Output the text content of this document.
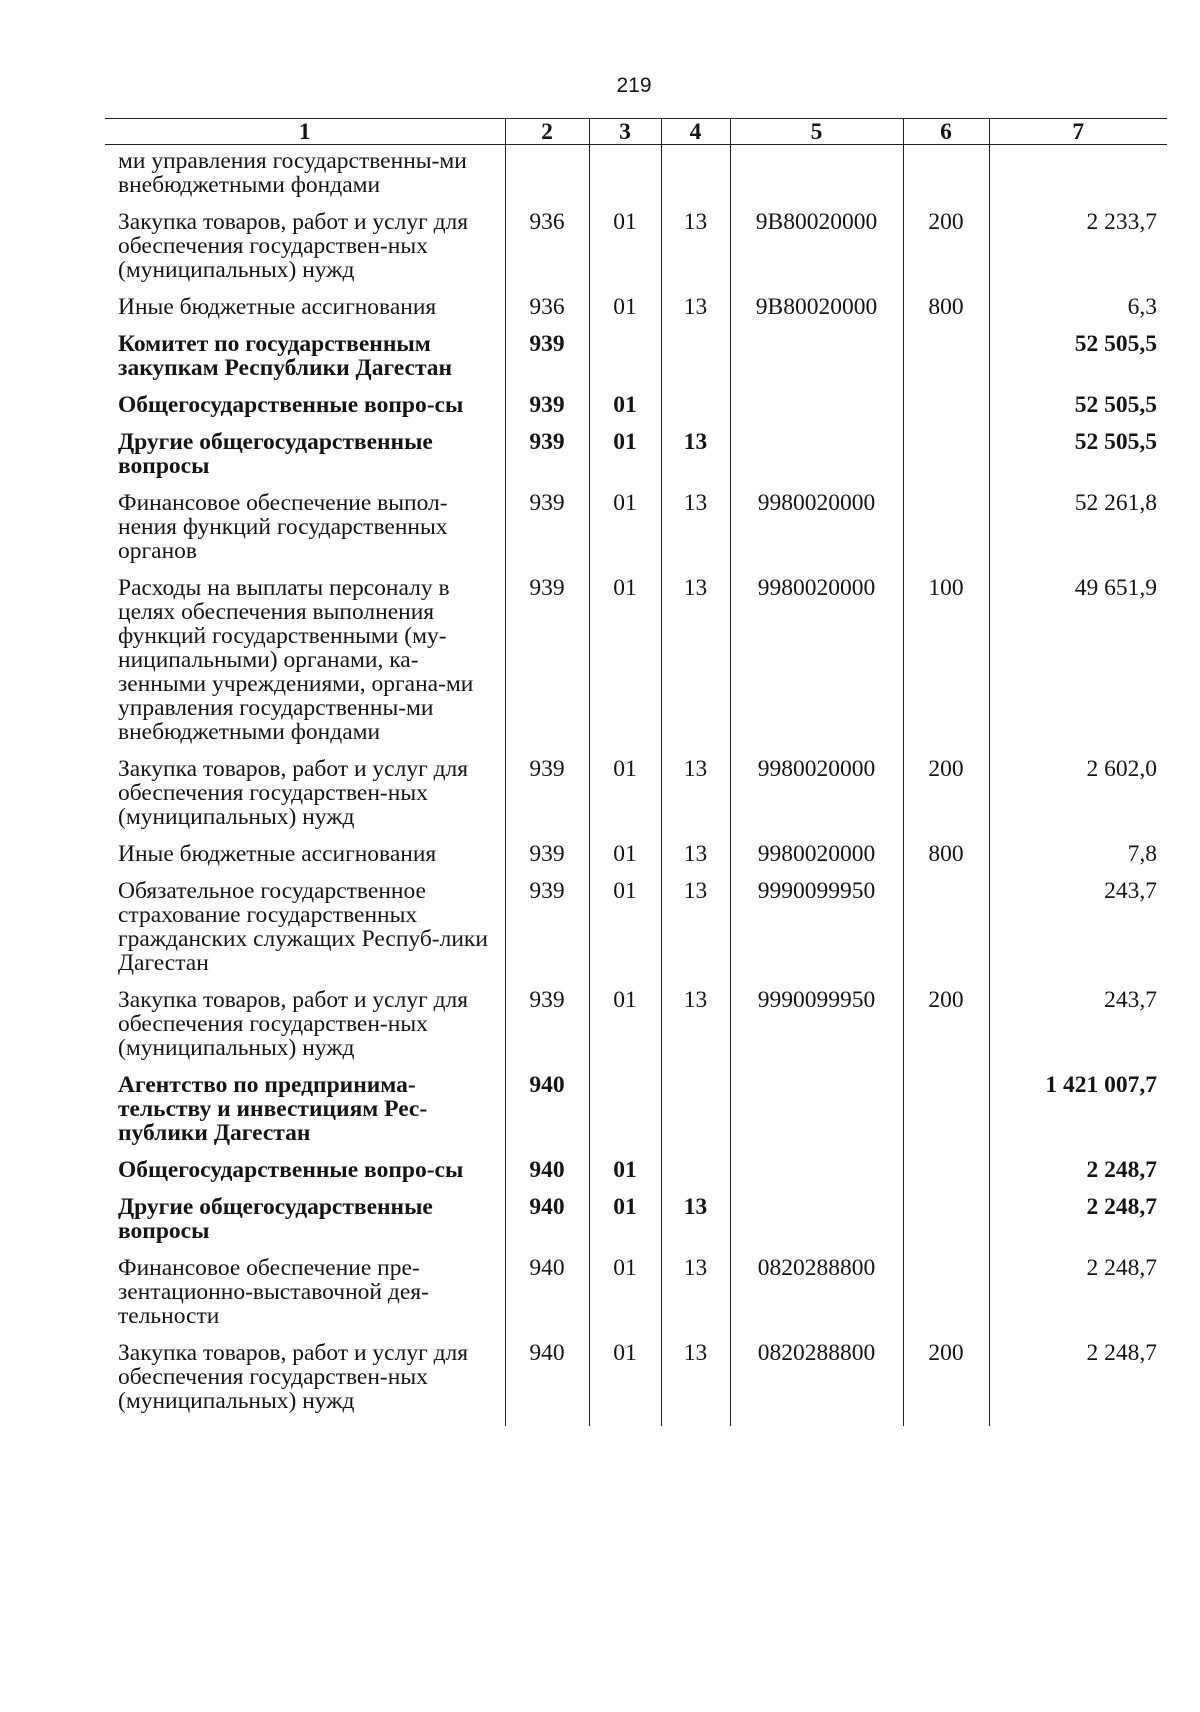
219
1	2	3	4	5	6	7
ми управления государственны-ми внебюджетными фондами						
Закупка товаров, работ и услуг для обеспечения государствен-ных (муниципальных) нужд	936	01	13	9В80020000	200	2 233,7
Иные бюджетные ассигнования	936	01	13	9В80020000	800	6,3
Комитет по государственным закупкам Республики Дагестан	939					52 505,5
Общегосударственные вопро-сы	939	01				52 505,5
Другие общегосударственные вопросы	939	01	13			52 505,5
Финансовое обеспечение выпол-нения функций государственных органов	939	01	13	9980020000		52 261,8
Расходы на выплаты персоналу в целях обеспечения выполнения функций государственными (му-ниципальными) органами, ка-зенными учреждениями, органа-ми управления государственны-ми внебюджетными фондами	939	01	13	9980020000	100	49 651,9
Закупка товаров, работ и услуг для обеспечения государствен-ных (муниципальных) нужд	939	01	13	9980020000	200	2 602,0
Иные бюджетные ассигнования	939	01	13	9980020000	800	7,8
Обязательное государственное страхование государственных гражданских служащих Респуб-лики Дагестан	939	01	13	9990099950		243,7
Закупка товаров, работ и услуг для обеспечения государствен-ных (муниципальных) нужд	939	01	13	9990099950	200	243,7
Агентство по предпринима-тельству и инвестициям Рес-публики Дагестан	940					1 421 007,7
Общегосударственные вопро-сы	940	01				2 248,7
Другие общегосударственные вопросы	940	01	13			2 248,7
Финансовое обеспечение пре-зентационно-выставочной дея-тельности	940	01	13	0820288800		2 248,7
Закупка товаров, работ и услуг для обеспечения государствен-ных (муниципальных) нужд	940	01	13	0820288800	200	2 248,7
